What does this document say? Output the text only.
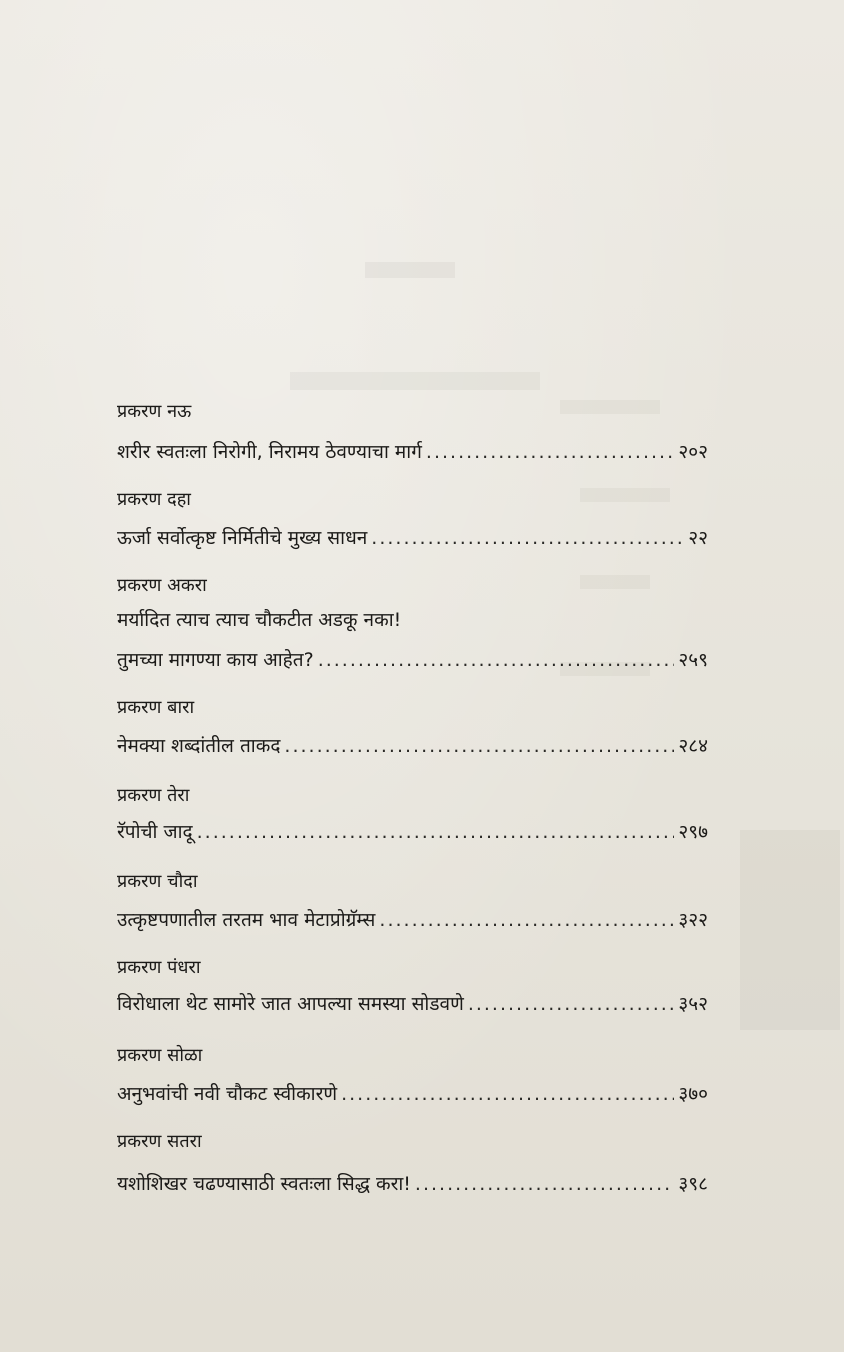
प्रकरण नऊ
शरीर स्वतःला निरोगी, निरामय ठेवण्याचा मार्ग .....	२०२
प्रकरण दहा
ऊर्जा सर्वोत्कृष्ट निर्मितीचे मुख्य साधन .....	२२
प्रकरण अकरा
मर्यादित त्याच त्याच चौकटीत अडकू नका!
तुमच्या मागण्या काय आहेत? .....	२५९
प्रकरण बारा
नेमक्या शब्दांतील ताकद .....	२८४
प्रकरण तेरा
रॅपोची जादू .....	२९७
प्रकरण चौदा
उत्कृष्टपणातील तरतम भाव मेटाप्रोग्रॅम्स .....	३२२
प्रकरण पंधरा
विरोधाला थेट सामोरे जात आपल्या समस्या सोडवणे .....	३५२
प्रकरण सोळा
अनुभवांची नवी चौकट स्वीकारणे .....	३७०
प्रकरण सतरा
यशोशिखर चढण्यासाठी स्वतःला सिद्ध करा! .....	३९८
